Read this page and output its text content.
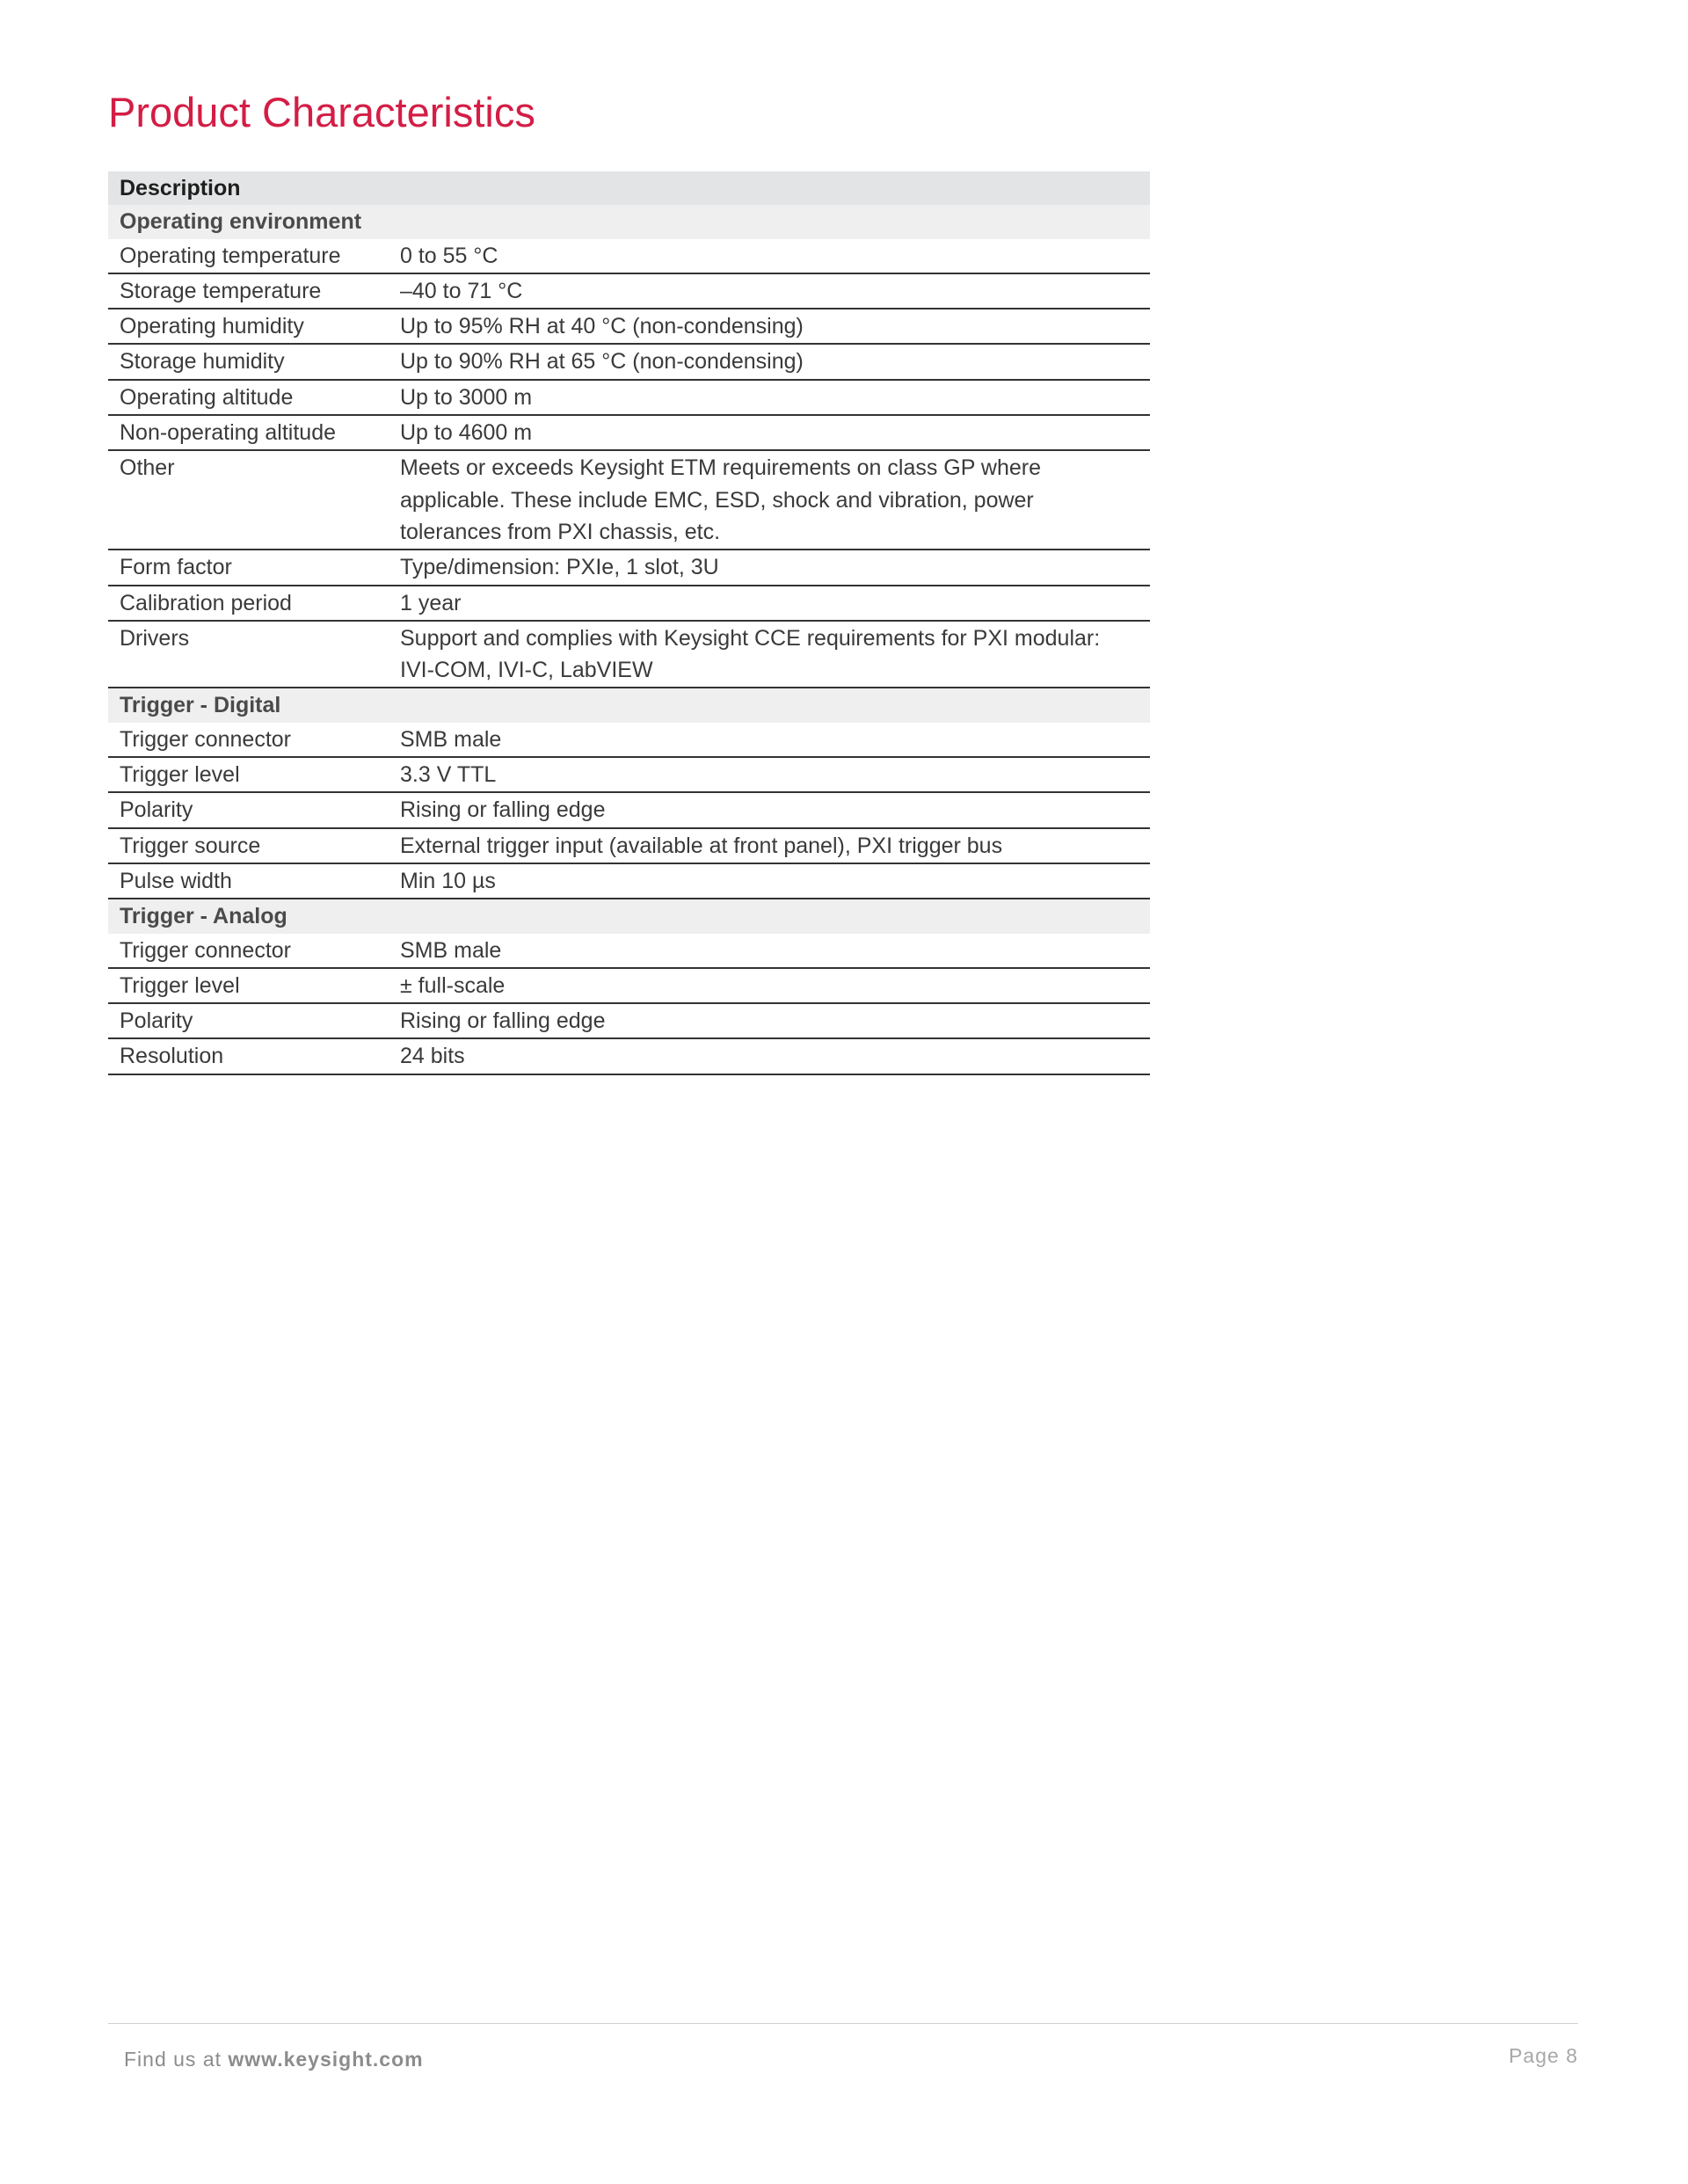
Product Characteristics
Description	
Operating environment	
Operating temperature	0 to 55 °C
Storage temperature	–40 to 71 °C
Operating humidity	Up to 95% RH at 40 °C (non-condensing)
Storage humidity	Up to 90% RH at 65 °C (non-condensing)
Operating altitude	Up to 3000 m
Non-operating altitude	Up to 4600 m
Other	Meets or exceeds Keysight ETM requirements on class GP where applicable. These include EMC, ESD, shock and vibration, power tolerances from PXI chassis, etc.
Form factor	Type/dimension: PXIe, 1 slot, 3U
Calibration period	1 year
Drivers	Support and complies with Keysight CCE requirements for PXI modular: IVI-COM, IVI-C, LabVIEW
Trigger - Digital	
Trigger connector	SMB male
Trigger level	3.3 V TTL
Polarity	Rising or falling edge
Trigger source	External trigger input (available at front panel), PXI trigger bus
Pulse width	Min 10 µs
Trigger - Analog	
Trigger connector	SMB male
Trigger level	± full-scale
Polarity	Rising or falling edge
Resolution	24 bits
Find us at www.keysight.com	Page 8
